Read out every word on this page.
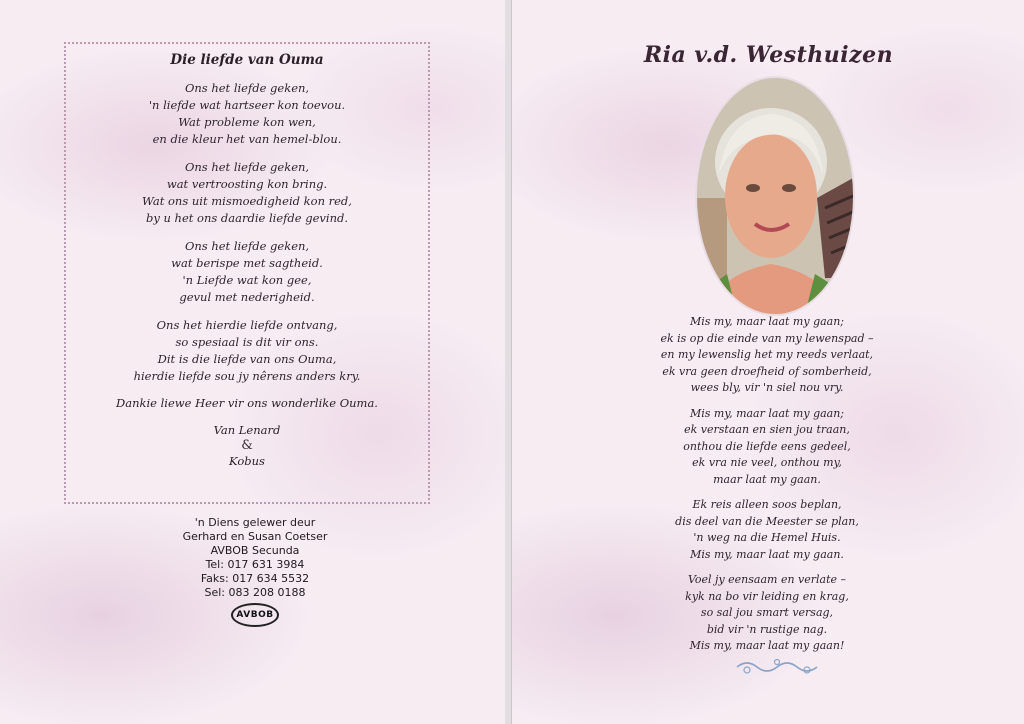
Die liefde van Ouma
Ons het liefde geken,
'n liefde wat hartseer kon toevou.
Wat probleme kon wen,
en die kleur het van hemel-blou.
Ons het liefde geken,
wat vertroosting kon bring.
Wat ons uit mismoedigheid kon red,
by u het ons daardie liefde gevind.
Ons het liefde geken,
wat berispe met sagtheid.
'n Liefde wat kon gee,
gevul met nederigheid.
Ons het hierdie liefde ontvang,
so spesiaal is dit vir ons.
Dit is die liefde van ons Ouma,
hierdie liefde sou jy nêrens anders kry.
Dankie liewe Heer vir ons wonderlike Ouma.
Van Lenard
&
Kobus
'n Diens gelewer deur
Gerhard en Susan Coetser
AVBOB Secunda
Tel: 017 631 3984
Faks: 017 634 5532
Sel: 083 208 0188
AVBOB
Ria v.d. Westhuizen
Mis my, maar laat my gaan;
ek is op die einde van my lewenspad –
en my lewenslig het my reeds verlaat,
ek vra geen droefheid of somberheid,
wees bly, vir 'n siel nou vry.
Mis my, maar laat my gaan;
ek verstaan en sien jou traan,
onthou die liefde eens gedeel,
ek vra nie veel, onthou my,
maar laat my gaan.
Ek reis alleen soos beplan,
dis deel van die Meester se plan,
'n weg na die Hemel Huis.
Mis my, maar laat my gaan.
Voel jy eensaam en verlate –
kyk na bo vir leiding en krag,
so sal jou smart versag,
bid vir 'n rustige nag.
Mis my, maar laat my gaan!
